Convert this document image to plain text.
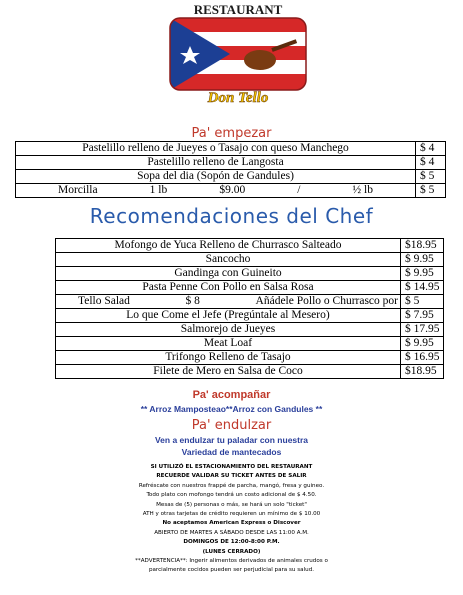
RESTAURANT
Don Tello
Pa' empezar
Pastelillo relleno de Jueyes o Tasajo con queso Manchego	$ 4
Pastelillo relleno de Langosta	$ 4
Sopa del dia (Sopón de Gandules)	$ 5

Morcilla 1 lb $9.00 / ½ lb	$ 5
Recomendaciones del Chef
Mofongo de Yuca Relleno de Churrasco Salteado	$18.95
Sancocho	$ 9.95
Gandinga con Guineito	$ 9.95
Pasta Penne Con Pollo en Salsa Rosa	$ 14.95

Tello Salad $ 8 Añádele Pollo o Churrasco por	$ 5
Lo que Come el Jefe (Pregúntale al Mesero)	$ 7.95
Salmorejo de Jueyes	$ 17.95
Meat Loaf	$ 9.95
Trifongo Relleno de Tasajo	$ 16.95
Filete de Mero en Salsa de Coco	$18.95
Pa' acompañar
** Arroz Mamposteao**Arroz con Gandules **
Pa' endulzar
Ven a endulzar tu paladar con nuestra
Variedad de mantecados
SI UTILIZÓ EL ESTACIONAMIENTO DEL RESTAURANT
RECUERDE VALIDAR SU TICKET ANTES DE SALIR
Refréscate con nuestros frappé de parcha, mangó, fresa y guineo.
Todo plato con mofongo tendrá un costo adicional de $ 4.50.
Mesas de (5) personas o más, se hará un solo "ticket"
ATH y otras tarjetas de crédito requieren un mínimo de $ 10.00
No aceptamos American Express o Discover
ABIERTO DE MARTES A SÁBADO DESDE LAS 11:00 A.M.
DOMINGOS DE 12:00-8:00 P.M.
(LUNES CERRADO)
**ADVERTENCIA**: Ingerir alimentos derivados de animales crudos o
parcialmente cocidos pueden ser perjudicial para su salud.
